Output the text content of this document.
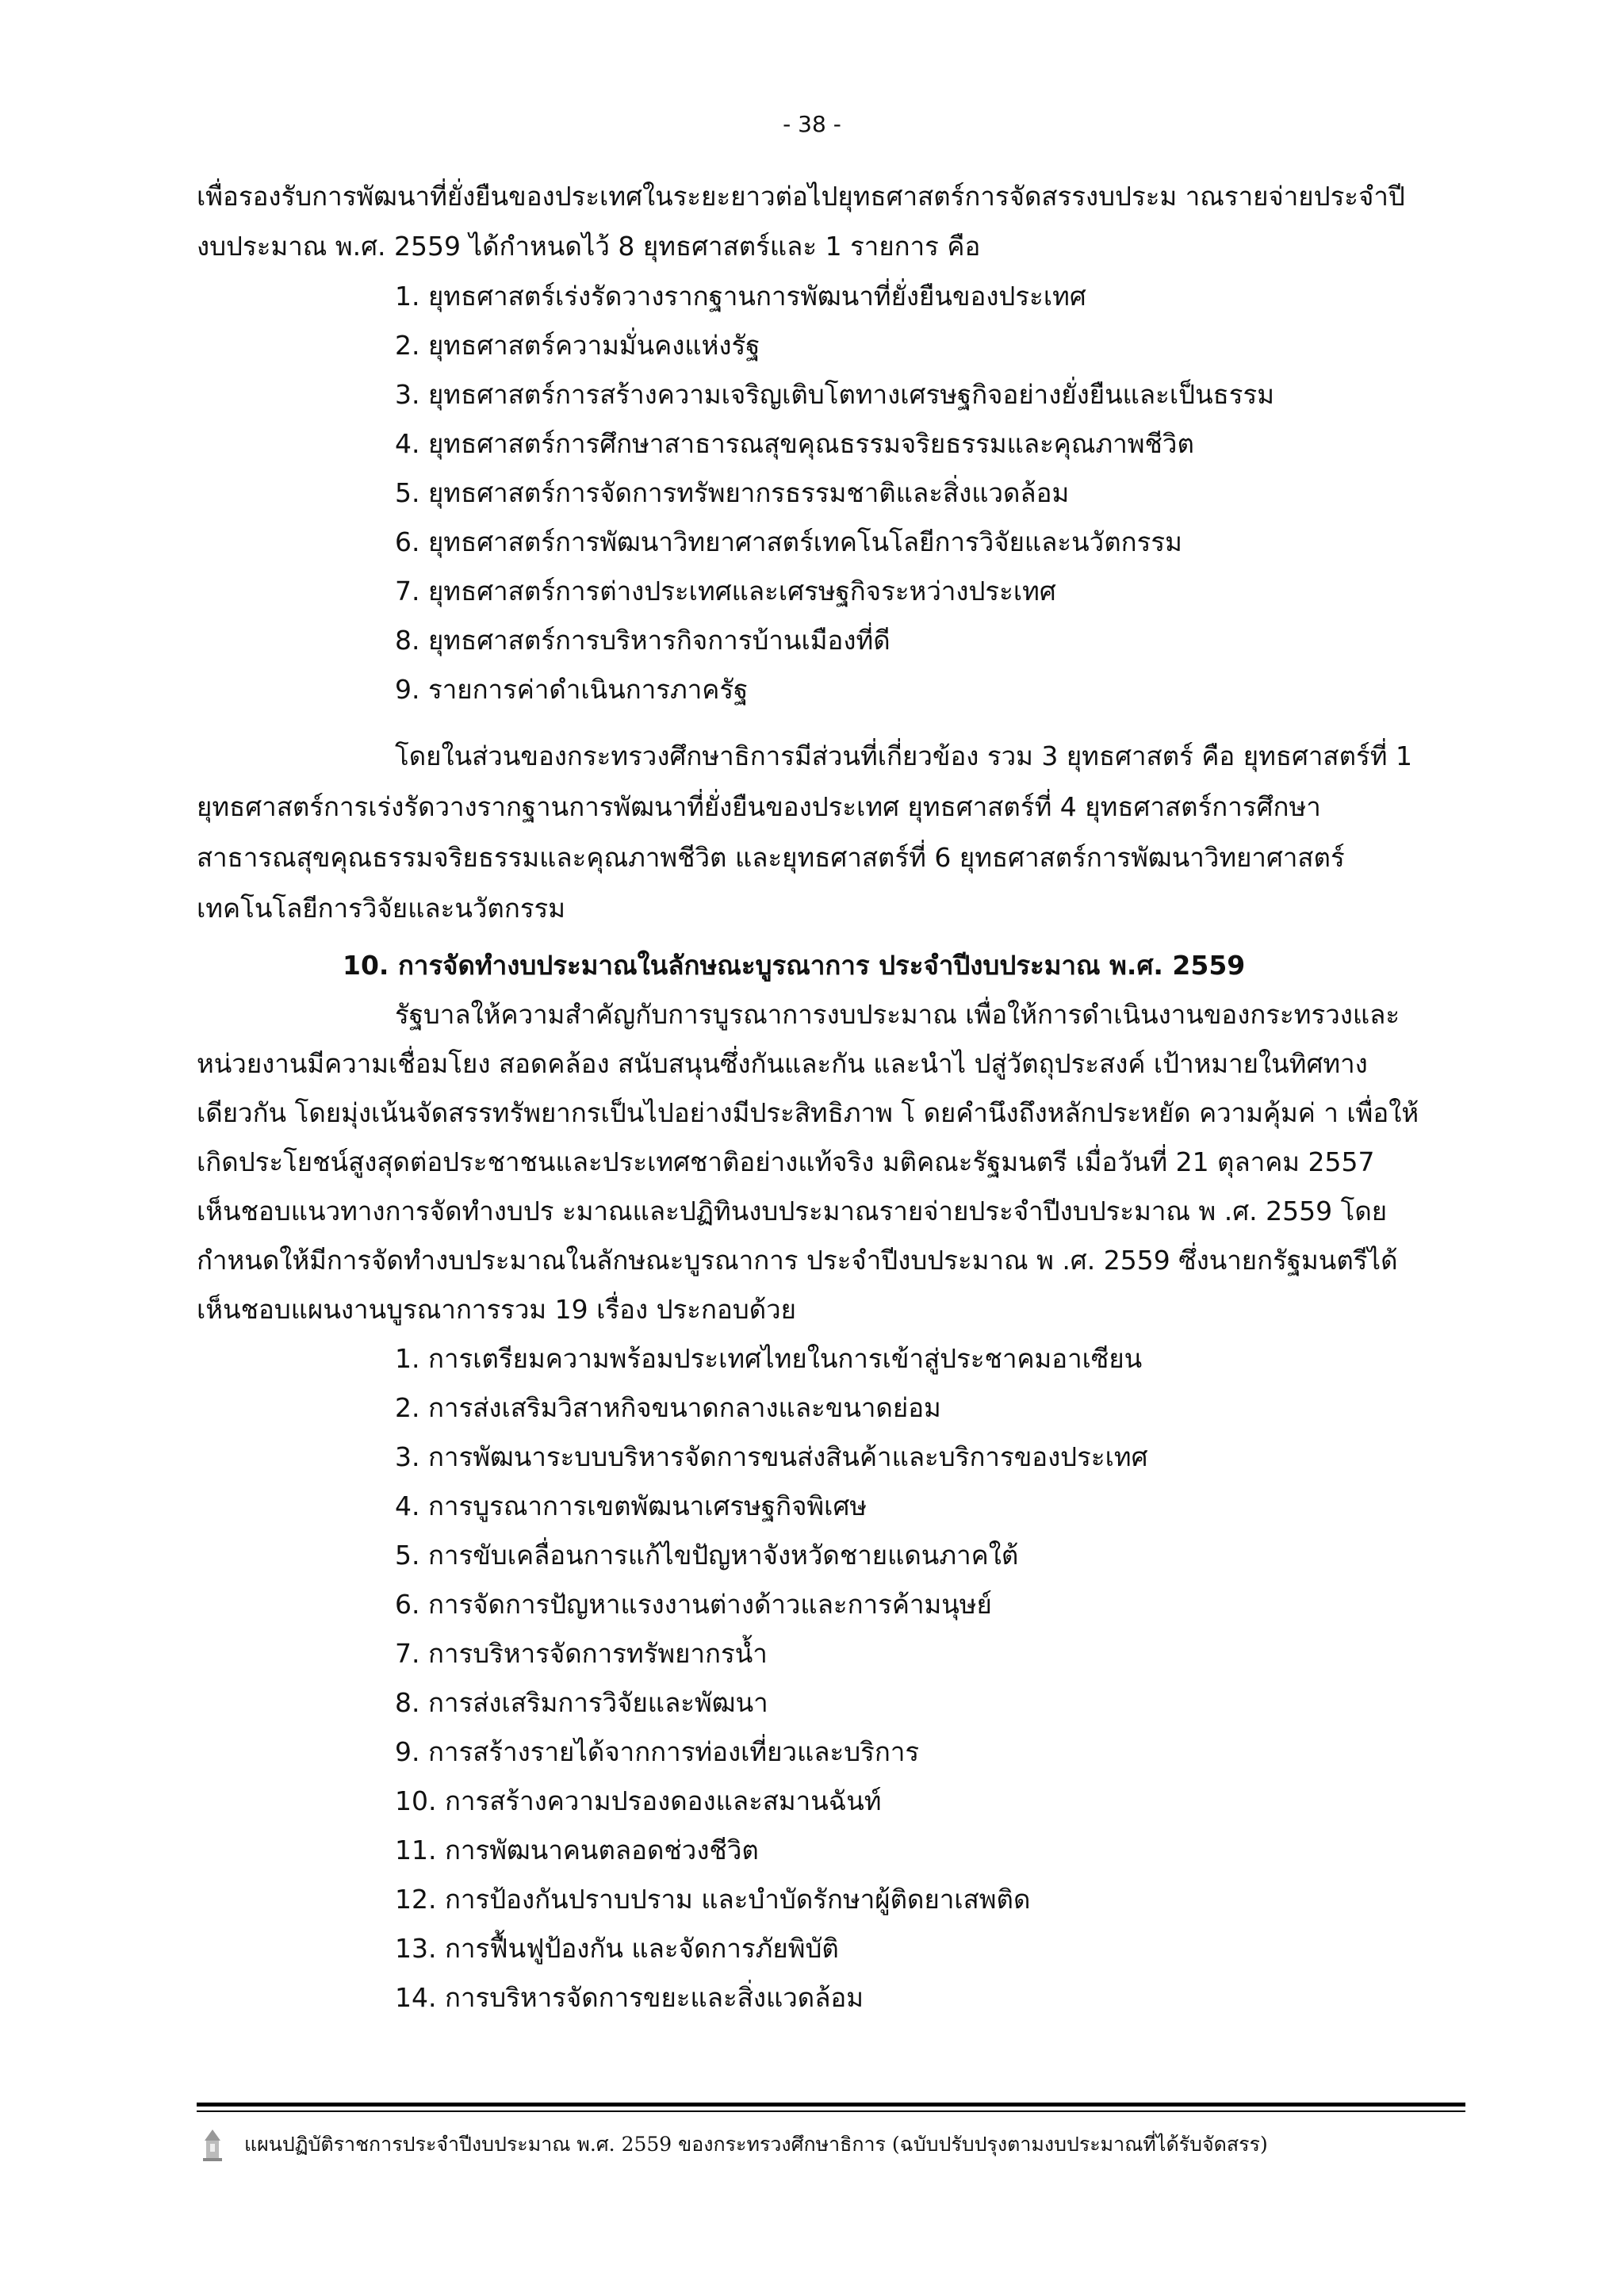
- 38 -
เพื่อรองรับการพัฒนาที่ยั่งยืนของประเทศในระยะยาวต่อไปยุทธศาสตร์การจัดสรรงบประม าณรายจ่ายประจำปี
งบประมาณ พ.ศ. 2559 ได้กำหนดไว้ 8 ยุทธศาสตร์และ 1 รายการ คือ
1. ยุทธศาสตร์เร่งรัดวางรากฐานการพัฒนาที่ยั่งยืนของประเทศ
2. ยุทธศาสตร์ความมั่นคงแห่งรัฐ
3. ยุทธศาสตร์การสร้างความเจริญเติบโตทางเศรษฐกิจอย่างยั่งยืนและเป็นธรรม
4. ยุทธศาสตร์การศึกษาสาธารณสุขคุณธรรมจริยธรรมและคุณภาพชีวิต
5. ยุทธศาสตร์การจัดการทรัพยากรธรรมชาติและสิ่งแวดล้อม
6. ยุทธศาสตร์การพัฒนาวิทยาศาสตร์เทคโนโลยีการวิจัยและนวัตกรรม
7. ยุทธศาสตร์การต่างประเทศและเศรษฐกิจระหว่างประเทศ
8. ยุทธศาสตร์การบริหารกิจการบ้านเมืองที่ดี
9. รายการค่าดำเนินการภาครัฐ
โดยในส่วนของกระทรวงศึกษาธิการมีส่วนที่เกี่ยวข้อง รวม 3 ยุทธศาสตร์ คือ ยุทธศาสตร์ที่ 1
ยุทธศาสตร์การเร่งรัดวางรากฐานการพัฒนาที่ยั่งยืนของประเทศ ยุทธศาสตร์ที่ 4 ยุทธศาสตร์การศึกษา
สาธารณสุขคุณธรรมจริยธรรมและคุณภาพชีวิต และยุทธศาสตร์ที่ 6 ยุทธศาสตร์การพัฒนาวิทยาศาสตร์
เทคโนโลยีการวิจัยและนวัตกรรม
10. การจัดทำงบประมาณในลักษณะบูรณาการ ประจำปีงบประมาณ พ.ศ. 2559
รัฐบาลให้ความสำคัญกับการบูรณาการงบประมาณ เพื่อให้การดำเนินงานของกระทรวงและ
หน่วยงานมีความเชื่อมโยง สอดคล้อง สนับสนุนซึ่งกันและกัน และนำไ ปสู่วัตถุประสงค์ เป้าหมายในทิศทาง
เดียวกัน โดยมุ่งเน้นจัดสรรทรัพยากรเป็นไปอย่างมีประสิทธิภาพ โ ดยคำนึงถึงหลักประหยัด ความคุ้มค่ า เพื่อให้
เกิดประโยชน์สูงสุดต่อประชาชนและประเทศชาติอย่างแท้จริง มติคณะรัฐมนตรี เมื่อวันที่ 21 ตุลาคม 2557
เห็นชอบแนวทางการจัดทำงบปร ะมาณและปฏิทินงบประมาณรายจ่ายประจำปีงบประมาณ พ .ศ. 2559 โดย
กำหนดให้มีการจัดทำงบประมาณในลักษณะบูรณาการ ประจำปีงบประมาณ พ .ศ. 2559 ซึ่งนายกรัฐมนตรีได้
เห็นชอบแผนงานบูรณาการรวม 19 เรื่อง ประกอบด้วย
1. การเตรียมความพร้อมประเทศไทยในการเข้าสู่ประชาคมอาเซียน
2. การส่งเสริมวิสาหกิจขนาดกลางและขนาดย่อม
3. การพัฒนาระบบบริหารจัดการขนส่งสินค้าและบริการของประเทศ
4. การบูรณาการเขตพัฒนาเศรษฐกิจพิเศษ
5. การขับเคลื่อนการแก้ไขปัญหาจังหวัดชายแดนภาคใต้
6. การจัดการปัญหาแรงงานต่างด้าวและการค้ามนุษย์
7. การบริหารจัดการทรัพยากรน้ำ
8. การส่งเสริมการวิจัยและพัฒนา
9. การสร้างรายได้จากการท่องเที่ยวและบริการ
10. การสร้างความปรองดองและสมานฉันท์
11. การพัฒนาคนตลอดช่วงชีวิต
12. การป้องกันปราบปราม และบำบัดรักษาผู้ติดยาเสพติด
13. การฟื้นฟูป้องกัน และจัดการภัยพิบัติ
14. การบริหารจัดการขยะและสิ่งแวดล้อม
แผนปฏิบัติราชการประจำปีงบประมาณ พ.ศ. 2559 ของกระทรวงศึกษาธิการ (ฉบับปรับปรุงตามงบประมาณที่ได้รับจัดสรร)
